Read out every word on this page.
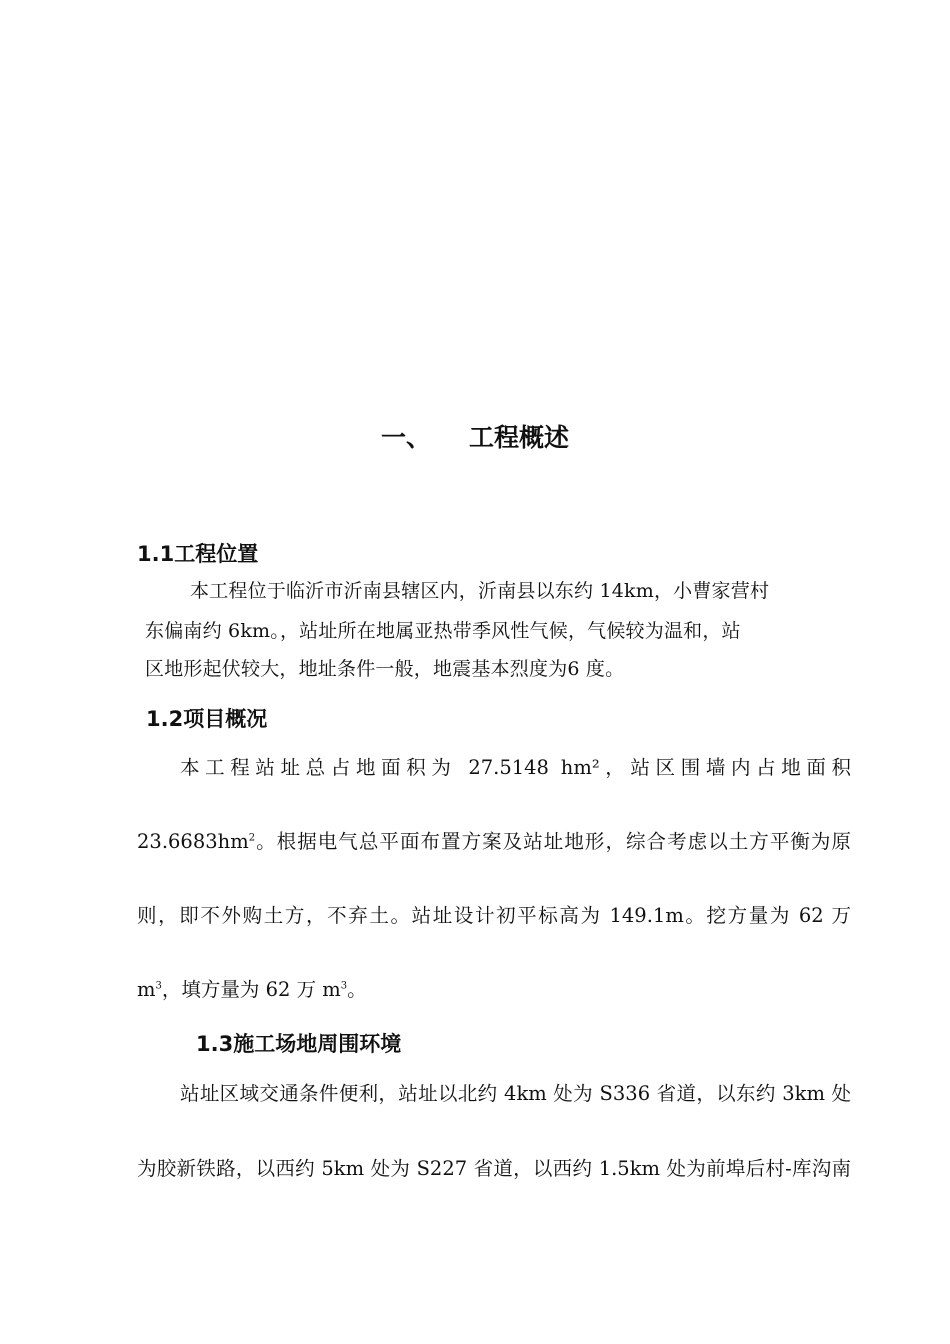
一、 工程概述
1.1工程位置
本工程位于临沂市沂南县辖区内，沂南县以东约 14km，小曹家营村
东偏南约 6km。，站址所在地属亚热带季风性气候，气候较为温和，站
区地形起伏较大，地址条件一般，地震基本烈度为6 度。
1.2项目概况
本工程站址总占地面积为 27.5148 hm²，站区围墙内占地面积
$23.6683hm^2$。根据电气总平面布置方案及站址地形，综合考虑以土方平衡为原
则，即不外购土方，不弃土。站址设计初平标高为 149.1m。挖方量为 62 万
$m^3$，填方量为 62 万 $m^3$。
1.3施工场地周围环境
站址区域交通条件便利，站址以北约 4km 处为 S336 省道，以东约 3km 处
为胶新铁路，以西约 5km 处为 S227 省道，以西约 1.5km 处为前埠后村-库沟南
